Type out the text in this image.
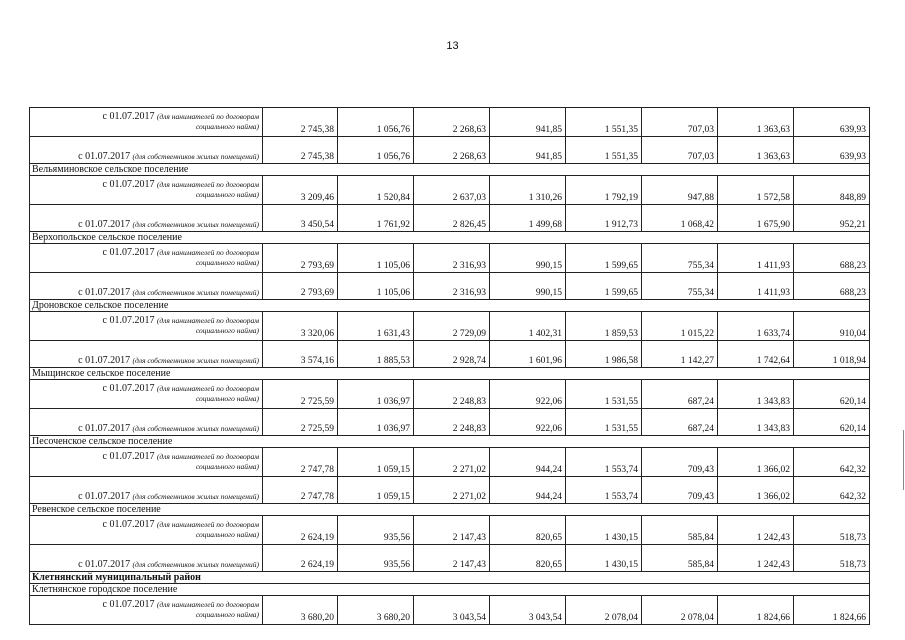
13
с 01.07.2017 (для нанимателей по договорам
социального найма)	2 745,38	1 056,76	2 268,63	941,85	1 551,35	707,03	1 363,63	639,93
с 01.07.2017 (для собственников жилых помещений)	2 745,38	1 056,76	2 268,63	941,85	1 551,35	707,03	1 363,63	639,93
Вельяминовское сельское поселение								
с 01.07.2017 (для нанимателей по договорам
социального найма)	3 209,46	1 520,84	2 637,03	1 310,26	1 792,19	947,88	1 572,58	848,89
с 01.07.2017 (для собственников жилых помещений)	3 450,54	1 761,92	2 826,45	1 499,68	1 912,73	1 068,42	1 675,90	952,21
Верхопольское сельское поселение								
с 01.07.2017 (для нанимателей по договорам
социального найма)	2 793,69	1 105,06	2 316,93	990,15	1 599,65	755,34	1 411,93	688,23
с 01.07.2017 (для собственников жилых помещений)	2 793,69	1 105,06	2 316,93	990,15	1 599,65	755,34	1 411,93	688,23
Дроновское сельское поселение								
с 01.07.2017 (для нанимателей по договорам
социального найма)	3 320,06	1 631,43	2 729,09	1 402,31	1 859,53	1 015,22	1 633,74	910,04
с 01.07.2017 (для собственников жилых помещений)	3 574,16	1 885,53	2 928,74	1 601,96	1 986,58	1 142,27	1 742,64	1 018,94
Мыщинское сельское поселение								
с 01.07.2017 (для нанимателей по договорам
социального найма)	2 725,59	1 036,97	2 248,83	922,06	1 531,55	687,24	1 343,83	620,14
с 01.07.2017 (для собственников жилых помещений)	2 725,59	1 036,97	2 248,83	922,06	1 531,55	687,24	1 343,83	620,14
Песоченское сельское поселение								
с 01.07.2017 (для нанимателей по договорам
социального найма)	2 747,78	1 059,15	2 271,02	944,24	1 553,74	709,43	1 366,02	642,32
с 01.07.2017 (для собственников жилых помещений)	2 747,78	1 059,15	2 271,02	944,24	1 553,74	709,43	1 366,02	642,32
Ревенское сельское поселение								
с 01.07.2017 (для нанимателей по договорам
социального найма)	2 624,19	935,56	2 147,43	820,65	1 430,15	585,84	1 242,43	518,73
с 01.07.2017 (для собственников жилых помещений)	2 624,19	935,56	2 147,43	820,65	1 430,15	585,84	1 242,43	518,73
Клетнянский муниципальный район								
Клетнянское городское поселение								
с 01.07.2017 (для нанимателей по договорам
социального найма)	3 680,20	3 680,20	3 043,54	3 043,54	2 078,04	2 078,04	1 824,66	1 824,66
